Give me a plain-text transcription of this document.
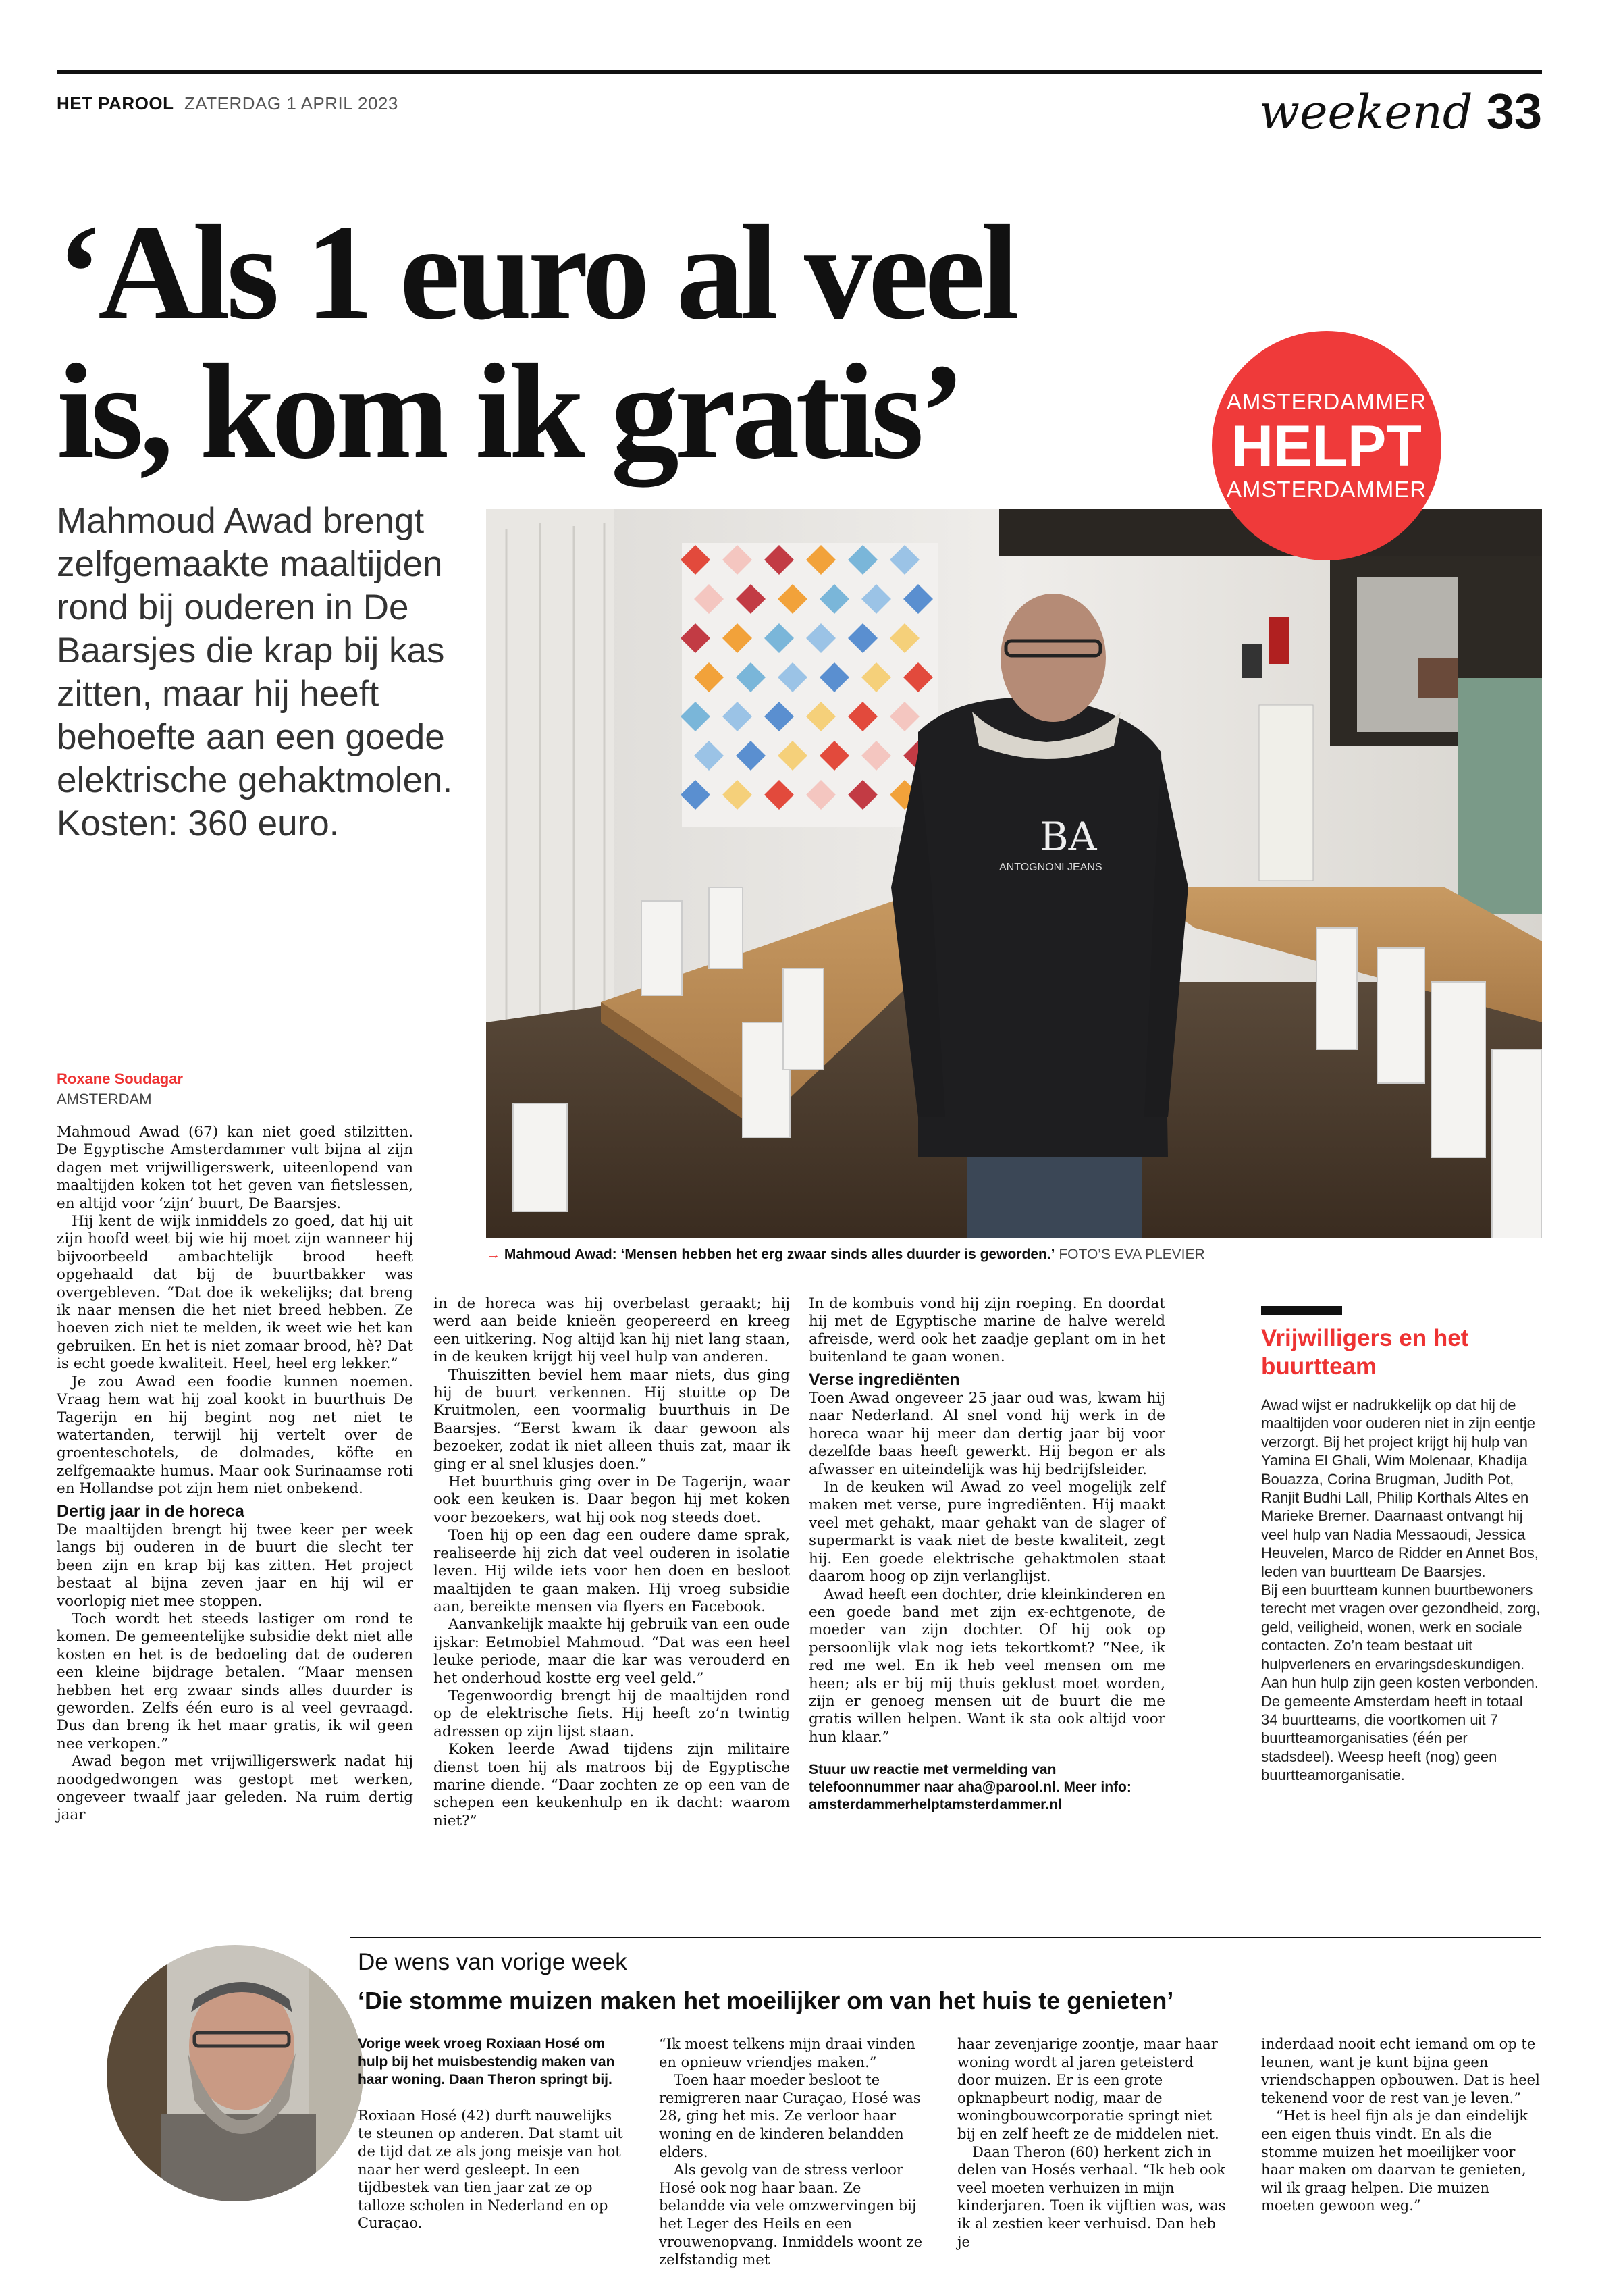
HET PAROOL ZATERDAG 1 APRIL 2023	weekend 33
‘Als 1 euro al veel
is, kom ik gratis’
Mahmoud Awad brengt zelfgemaakte maaltijden rond bij ouderen in De Baarsjes die krap bij kas zitten, maar hij heeft behoefte aan een goede elektrische gehaktmolen. Kosten: 360 euro.	BA
ANTOGNONI JEANS
→ Mahmoud Awad: ‘Mensen hebben het erg zwaar sinds alles duurder is geworden.’ FOTO’S EVA PLEVIER
AMSTERDAMMER
HELPT
AMSTERDAMMER
Roxane Soudagar
AMSTERDAM

Mahmoud Awad (67) kan niet goed stilzitten. De Egyptische Amsterdammer vult bijna al zijn dagen met vrijwilligerswerk, uiteenlopend van maaltijden koken tot het geven van fietslessen, en altijd voor ‘zijn’ buurt, De Baarsjes.

Hij kent de wijk inmiddels zo goed, dat hij uit zijn hoofd weet bij wie hij moet zijn wanneer hij bijvoorbeeld ambachtelijk brood heeft opgehaald dat bij de buurtbakker was overgebleven. “Dat doe ik wekelijks; dat breng ik naar mensen die het niet breed hebben. Ze hoeven zich niet te melden, ik weet wie het kan gebruiken. En het is niet zomaar brood, hè? Dat is echt goede kwaliteit. Heel, heel erg lekker.”

Je zou Awad een foodie kunnen noemen. Vraag hem wat hij zoal kookt in buurthuis De Tagerijn en hij begint nog net niet te watertanden, terwijl hij vertelt over de groenteschotels, de dolmades, köfte en zelfgemaakte humus. Maar ook Surinaamse roti en Hollandse pot zijn hem niet onbekend.

Dertig jaar in de horeca

De maaltijden brengt hij twee keer per week langs bij ouderen in de buurt die slecht ter been zijn en krap bij kas zitten. Het project bestaat al bijna zeven jaar en hij wil er voorlopig niet mee stoppen.

Toch wordt het steeds lastiger om rond te komen. De gemeentelijke subsidie dekt niet alle kosten en het is de bedoeling dat de ouderen een kleine bijdrage betalen. “Maar mensen hebben het erg zwaar sinds alles duurder is geworden. Zelfs één euro is al veel gevraagd. Dus dan breng ik het maar gratis, ik wil geen nee verkopen.”

Awad begon met vrijwilligerswerk nadat hij noodgedwongen was gestopt met werken, ongeveer twaalf jaar geleden. Na ruim dertig jaar

in de horeca was hij overbelast geraakt; hij werd aan beide knieën geopereerd en kreeg een uitkering. Nog altijd kan hij niet lang staan, in de keuken krijgt hij veel hulp van anderen.

Thuiszitten beviel hem maar niets, dus ging hij de buurt verkennen. Hij stuitte op De Kruitmolen, een voormalig buurthuis in De Baarsjes. “Eerst kwam ik daar gewoon als bezoeker, zodat ik niet alleen thuis zat, maar ik ging er al snel klusjes doen.”

Het buurthuis ging over in De Tagerijn, waar ook een keuken is. Daar begon hij met koken voor bezoekers, wat hij ook nog steeds doet.

Toen hij op een dag een oudere dame sprak, realiseerde hij zich dat veel ouderen in isolatie leven. Hij wilde iets voor hen doen en besloot maaltijden te gaan maken. Hij vroeg subsidie aan, bereikte mensen via flyers en Facebook.

Aanvankelijk maakte hij gebruik van een oude ijskar: Eetmobiel Mahmoud. “Dat was een heel leuke periode, maar die kar was verouderd en het onderhoud kostte erg veel geld.”

Tegenwoordig brengt hij de maaltijden rond op de elektrische fiets. Hij heeft zo’n twintig adressen op zijn lijst staan.

Koken leerde Awad tijdens zijn militaire dienst toen hij als matroos bij de Egyptische marine diende. “Daar zochten ze op een van de schepen een keukenhulp en ik dacht: waarom niet?”

In de kombuis vond hij zijn roeping. En doordat hij met de Egyptische marine de halve wereld afreisde, werd ook het zaadje geplant om in het buitenland te gaan wonen.

Verse ingrediënten

Toen Awad ongeveer 25 jaar oud was, kwam hij naar Nederland. Al snel vond hij werk in de horeca waar hij meer dan dertig jaar bij voor dezelfde baas heeft gewerkt. Hij begon er als afwasser en uiteindelijk was hij bedrijfsleider.

In de keuken wil Awad zo veel mogelijk zelf maken met verse, pure ingrediënten. Hij maakt veel met gehakt, maar gehakt van de slager of supermarkt is vaak niet de beste kwaliteit, zegt hij. Een goede elektrische gehaktmolen staat daarom hoog op zijn verlanglijst.

Awad heeft een dochter, drie kleinkinderen en een goede band met zijn ex-echtgenote, de moeder van zijn dochter. Of hij ook op persoonlijk vlak nog iets tekortkomt? “Nee, ik red me wel. En ik heb veel mensen om me heen; als er bij mij thuis geklust moet worden, zijn er genoeg mensen uit de buurt die me gratis willen helpen. Want ik sta ook altijd voor hun klaar.”

Stuur uw reactie met vermelding van telefoonnummer naar aha@parool.nl. Meer info: amsterdammerhelptamsterdammer.nl

Vrijwilligers en het buurtteam

Awad wijst er nadrukkelijk op dat hij de maaltijden voor ouderen niet in zijn eentje verzorgt. Bij het project krijgt hij hulp van Yamina El Ghali, Wim Molenaar, Khadija Bouazza, Corina Brugman, Judith Pot, Ranjit Budhi Lall, Philip Korthals Altes en Marieke Bremer. Daarnaast ontvangt hij veel hulp van Nadia Messaoudi, Jessica Heuvelen, Marco de Ridder en Annet Bos, leden van buurtteam De Baarsjes.

Bij een buurtteam kunnen buurtbewoners terecht met vragen over gezondheid, zorg, geld, veiligheid, wonen, werk en sociale contacten. Zo’n team bestaat uit hulpverleners en ervaringsdeskundigen. Aan hun hulp zijn geen kosten verbonden.

De gemeente Amsterdam heeft in totaal 34 buurtteams, die voortkomen uit 7 buurtteamorganisaties (één per stadsdeel). Weesp heeft (nog) geen buurtteamorganisatie.

De wens van vorige week
‘Die stomme muizen maken het moeilijker om van het huis te genieten’

Vorige week vroeg Roxiaan Hosé om hulp bij het muisbestendig maken van haar woning. Daan Theron springt bij.

Roxiaan Hosé (42) durft nauwelijks te steunen op anderen. Dat stamt uit de tijd dat ze als jong meisje van hot naar her werd gesleept. In een tijdbestek van tien jaar zat ze op talloze scholen in Nederland en op Curaçao.

“Ik moest telkens mijn draai vinden en opnieuw vriendjes maken.”

Toen haar moeder besloot te remigreren naar Curaçao, Hosé was 28, ging het mis. Ze verloor haar woning en de kinderen belandden elders.

Als gevolg van de stress verloor Hosé ook nog haar baan. Ze belandde via vele omzwervingen bij het Leger des Heils en een vrouwenopvang. Inmiddels woont ze zelfstandig met

haar zevenjarige zoontje, maar haar woning wordt al jaren geteisterd door muizen. Er is een grote opknapbeurt nodig, maar de woningbouwcorporatie springt niet bij en zelf heeft ze de middelen niet.

Daan Theron (60) herkent zich in delen van Hosés verhaal. “Ik heb ook veel moeten verhuizen in mijn kinderjaren. Toen ik vijftien was, was ik al zestien keer verhuisd. Dan heb je

inderdaad nooit echt iemand om op te leunen, want je kunt bijna geen vriendschappen opbouwen. Dat is heel tekenend voor de rest van je leven.”

“Het is heel fijn als je dan eindelijk een eigen thuis vindt. En als die stomme muizen het moeilijker voor haar maken om daarvan te genieten, wil ik graag helpen. Die muizen moeten gewoon weg.”
